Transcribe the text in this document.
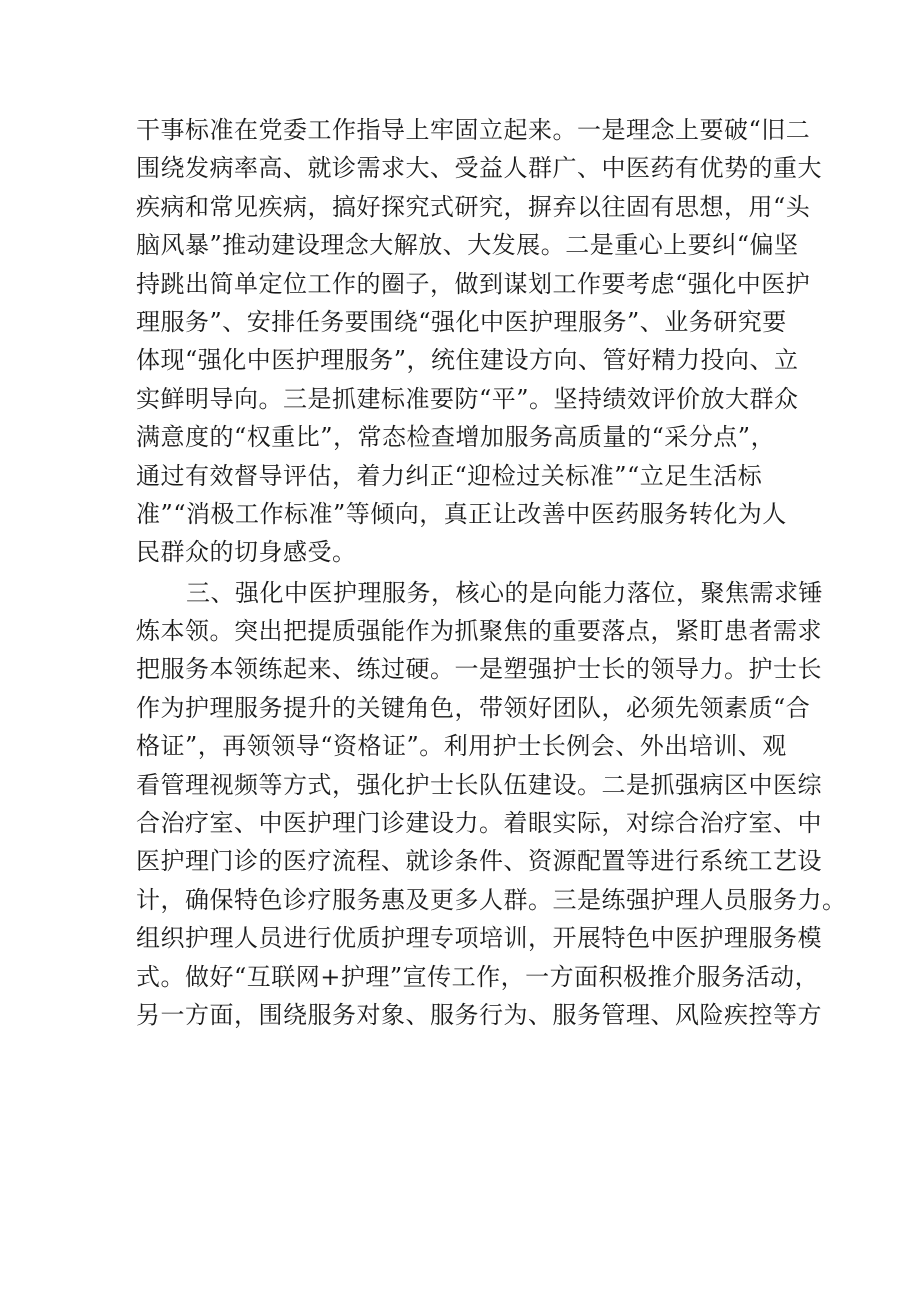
干事标准在党委工作指导上牢固立起来。一是理念上要破“旧二
围绕发病率高、就诊需求大、受益人群广、中医药有优势的重大
疾病和常见疾病，搞好探究式研究，摒弃以往固有思想，用“头
脑风暴”推动建设理念大解放、大发展。二是重心上要纠“偏坚
持跳出简单定位工作的圈子，做到谋划工作要考虑“强化中医护
理服务”、安排任务要围绕“强化中医护理服务”、业务研究要
体现“强化中医护理服务”，统住建设方向、管好精力投向、立
实鲜明导向。三是抓建标准要防“平”。坚持绩效评价放大群众
满意度的“权重比”，常态检查增加服务高质量的“采分点”，
通过有效督导评估，着力纠正“迎检过关标准”“立足生活标
准”“消极工作标准”等倾向，真正让改善中医药服务转化为人
民群众的切身感受。
三、强化中医护理服务，核心的是向能力落位，聚焦需求锤
炼本领。突出把提质强能作为抓聚焦的重要落点，紧盯患者需求
把服务本领练起来、练过硬。一是塑强护士长的领导力。护士长
作为护理服务提升的关键角色，带领好团队，必须先领素质“合
格证”，再领领导“资格证”。利用护士长例会、外出培训、观
看管理视频等方式，强化护士长队伍建设。二是抓强病区中医综
合治疗室、中医护理门诊建设力。着眼实际，对综合治疗室、中
医护理门诊的医疗流程、就诊条件、资源配置等进行系统工艺设
计，确保特色诊疗服务惠及更多人群。三是练强护理人员服务力。
组织护理人员进行优质护理专项培训，开展特色中医护理服务模
式。做好“互联网+护理”宣传工作，一方面积极推介服务活动，
另一方面，围绕服务对象、服务行为、服务管理、风险疾控等方
